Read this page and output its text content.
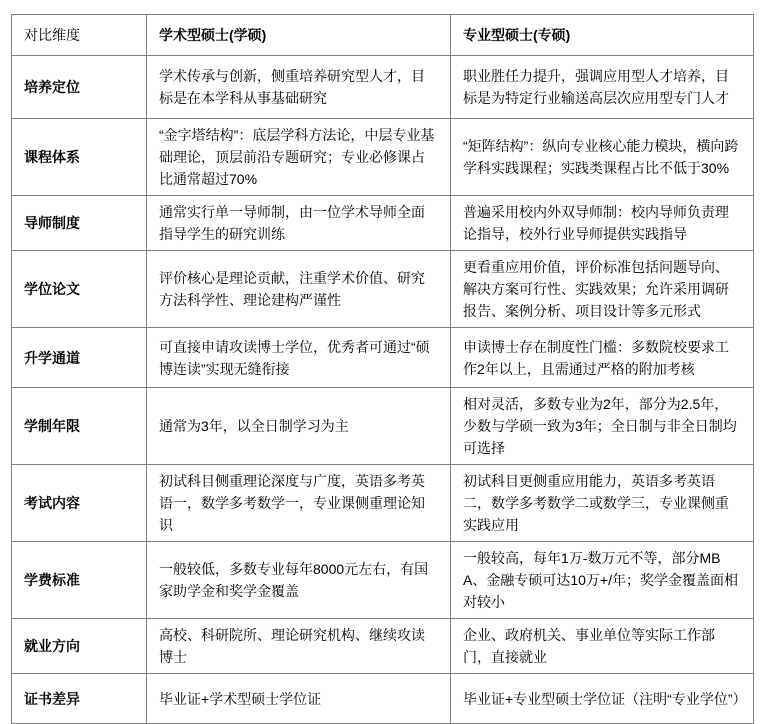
对比维度	学术型硕士(学硕)	专业型硕士(专硕)
培养定位	学术传承与创新，侧重培养研究型人才，目标是在本学科从事基础研究	职业胜任力提升，强调应用型人才培养，目标是为特定行业输送高层次应用型专门人才
课程体系	“金字塔结构”：底层学科方法论，中层专业基础理论，顶层前沿专题研究；专业必修课占比通常超过70%	“矩阵结构”：纵向专业核心能力模块，横向跨学科实践课程；实践类课程占比不低于30%
导师制度	通常实行单一导师制，由一位学术导师全面指导学生的研究训练	普遍采用校内外双导师制：校内导师负责理论指导，校外行业导师提供实践指导
学位论文	评价核心是理论贡献，注重学术价值、研究方法科学性、理论建构严谨性	更看重应用价值，评价标准包括问题导向、解决方案可行性、实践效果；允许采用调研报告、案例分析、项目设计等多元形式
升学通道	可直接申请攻读博士学位，优秀者可通过“硕博连读”实现无缝衔接	申读博士存在制度性门槛：多数院校要求工作2年以上，且需通过严格的附加考核
学制年限	通常为3年，以全日制学习为主	相对灵活，多数专业为2年，部分为2.5年，少数与学硕一致为3年；全日制与非全日制均可选择
考试内容	初试科目侧重理论深度与广度，英语多考英语一，数学多考数学一，专业课侧重理论知识	初试科目更侧重应用能力，英语多考英语二，数学多考数学二或数学三，专业课侧重实践应用
学费标准	一般较低，多数专业每年8000元左右，有国家助学金和奖学金覆盖	一般较高，每年1万-数万元不等，部分MBA、金融专硕可达10万+/年；奖学金覆盖面相对较小
就业方向	高校、科研院所、理论研究机构、继续攻读博士	企业、政府机关、事业单位等实际工作部门，直接就业
证书差异	毕业证+学术型硕士学位证	毕业证+专业型硕士学位证（注明“专业学位”）
